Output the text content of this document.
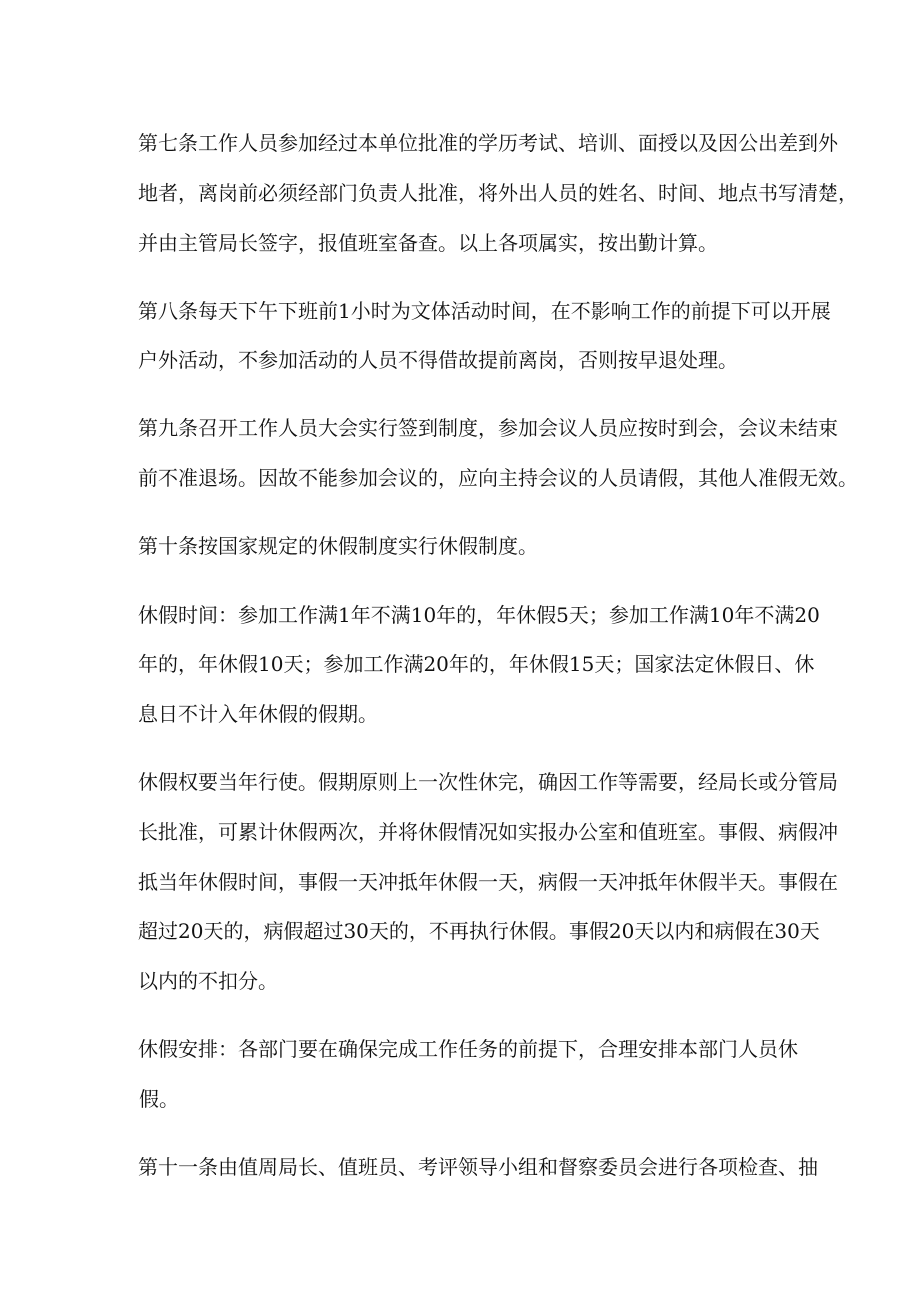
第七条工作人员参加经过本单位批准的学历考试、培训、面授以及因公出差到外
地者，离岗前必须经部门负责人批准，将外出人员的姓名、时间、地点书写清楚，
并由主管局长签字，报值班室备查。以上各项属实，按出勤计算。
第八条每天下午下班前1小时为文体活动时间，在不影响工作的前提下可以开展
户外活动，不参加活动的人员不得借故提前离岗，否则按早退处理。
第九条召开工作人员大会实行签到制度，参加会议人员应按时到会，会议未结束
前不准退场。因故不能参加会议的，应向主持会议的人员请假，其他人准假无效。
第十条按国家规定的休假制度实行休假制度。
休假时间：参加工作满1年不满10年的，年休假5天；参加工作满10年不满20
年的，年休假10天；参加工作满20年的，年休假15天；国家法定休假日、休
息日不计入年休假的假期。
休假权要当年行使。假期原则上一次性休完，确因工作等需要，经局长或分管局
长批准，可累计休假两次，并将休假情况如实报办公室和值班室。事假、病假冲
抵当年休假时间，事假一天冲抵年休假一天，病假一天冲抵年休假半天。事假在
超过20天的，病假超过30天的，不再执行休假。事假20天以内和病假在30天
以内的不扣分。
休假安排：各部门要在确保完成工作任务的前提下，合理安排本部门人员休
假。
第十一条由值周局长、值班员、考评领导小组和督察委员会进行各项检查、抽
